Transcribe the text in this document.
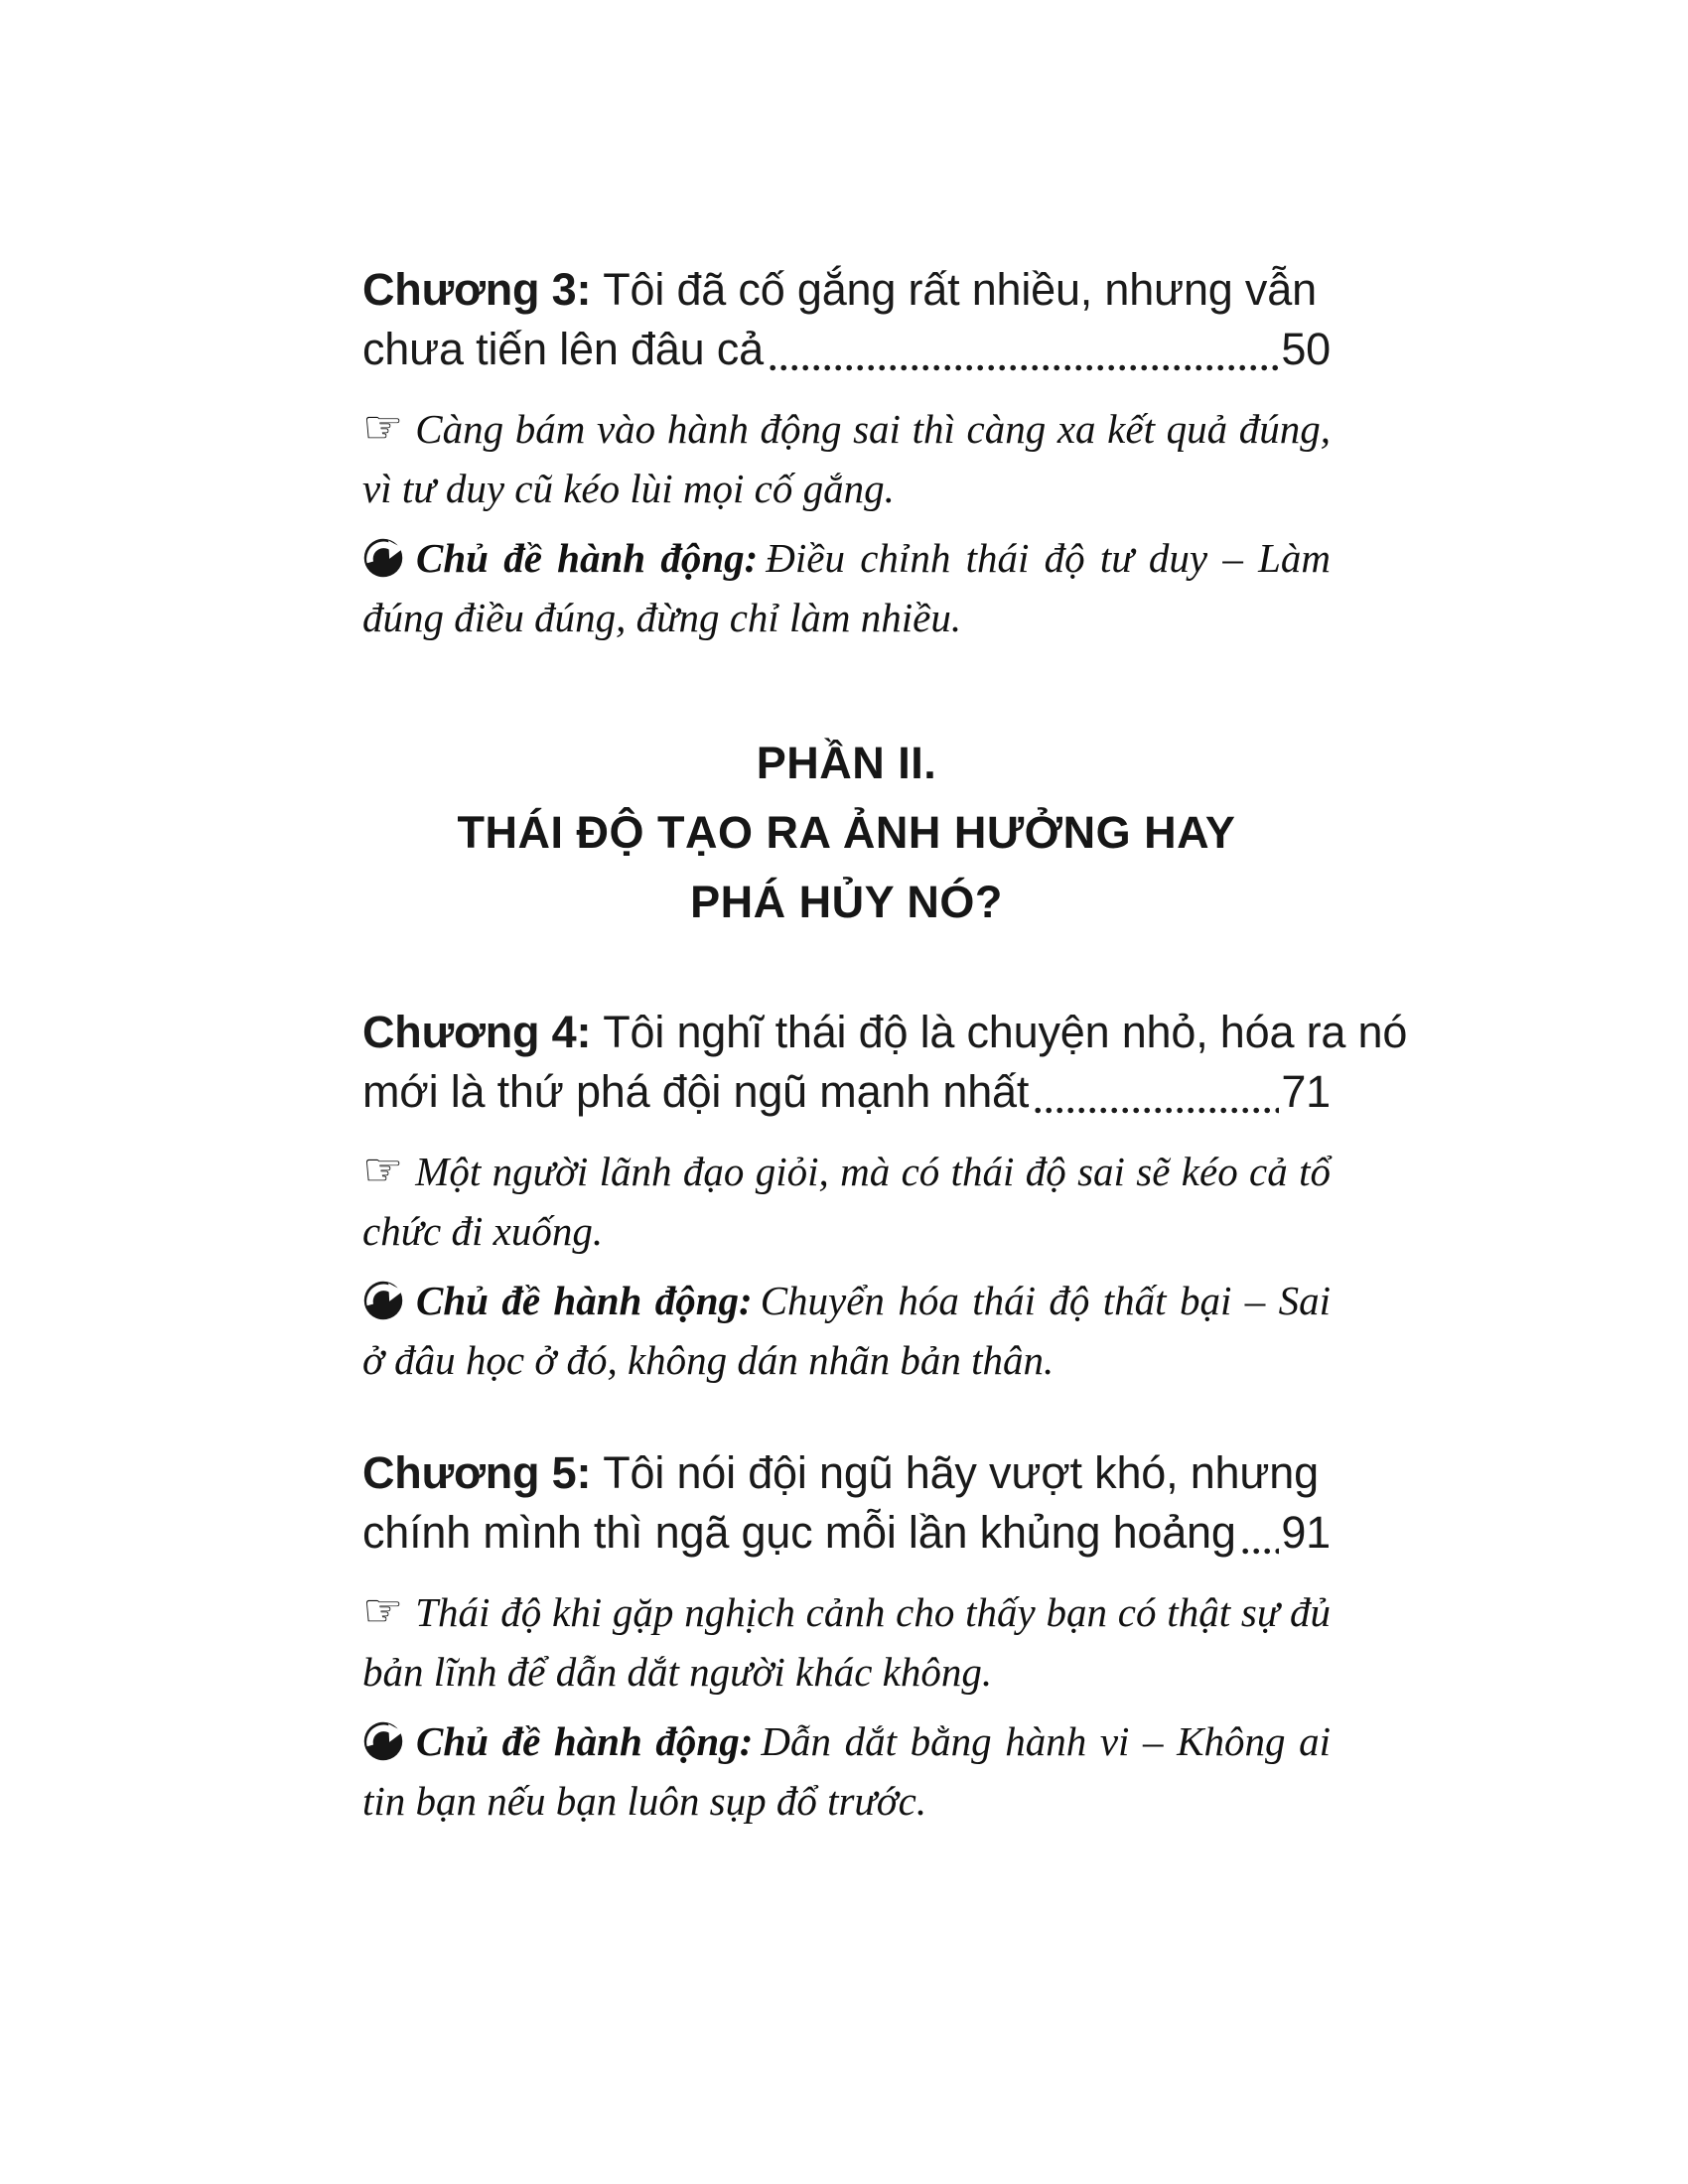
Chương 3: Tôi đã cố gắng rất nhiều, nhưng vẫn
chưa tiến lên đâu cả	50
☞ Càng bám vào hành động sai thì càng xa kết quả đúng, vì tư duy cũ kéo lùi mọi cố gắng.
Chủ đề hành động: Điều chỉnh thái độ tư duy – Làm đúng điều đúng, đừng chỉ làm nhiều.
PHẦN II.
THÁI ĐỘ TẠO RA ẢNH HƯỞNG HAY
PHÁ HỦY NÓ?
Chương 4: Tôi nghĩ thái độ là chuyện nhỏ, hóa ra nó
mới là thứ phá đội ngũ mạnh nhất	71
☞ Một người lãnh đạo giỏi, mà có thái độ sai sẽ kéo cả tổ chức đi xuống.
Chủ đề hành động: Chuyển hóa thái độ thất bại – Sai ở đâu học ở đó, không dán nhãn bản thân.
Chương 5: Tôi nói đội ngũ hãy vượt khó, nhưng
chính mình thì ngã gục mỗi lần khủng hoảng 91
☞ Thái độ khi gặp nghịch cảnh cho thấy bạn có thật sự đủ bản lĩnh để dẫn dắt người khác không.
Chủ đề hành động: Dẫn dắt bằng hành vi – Không ai tin bạn nếu bạn luôn sụp đổ trước.
